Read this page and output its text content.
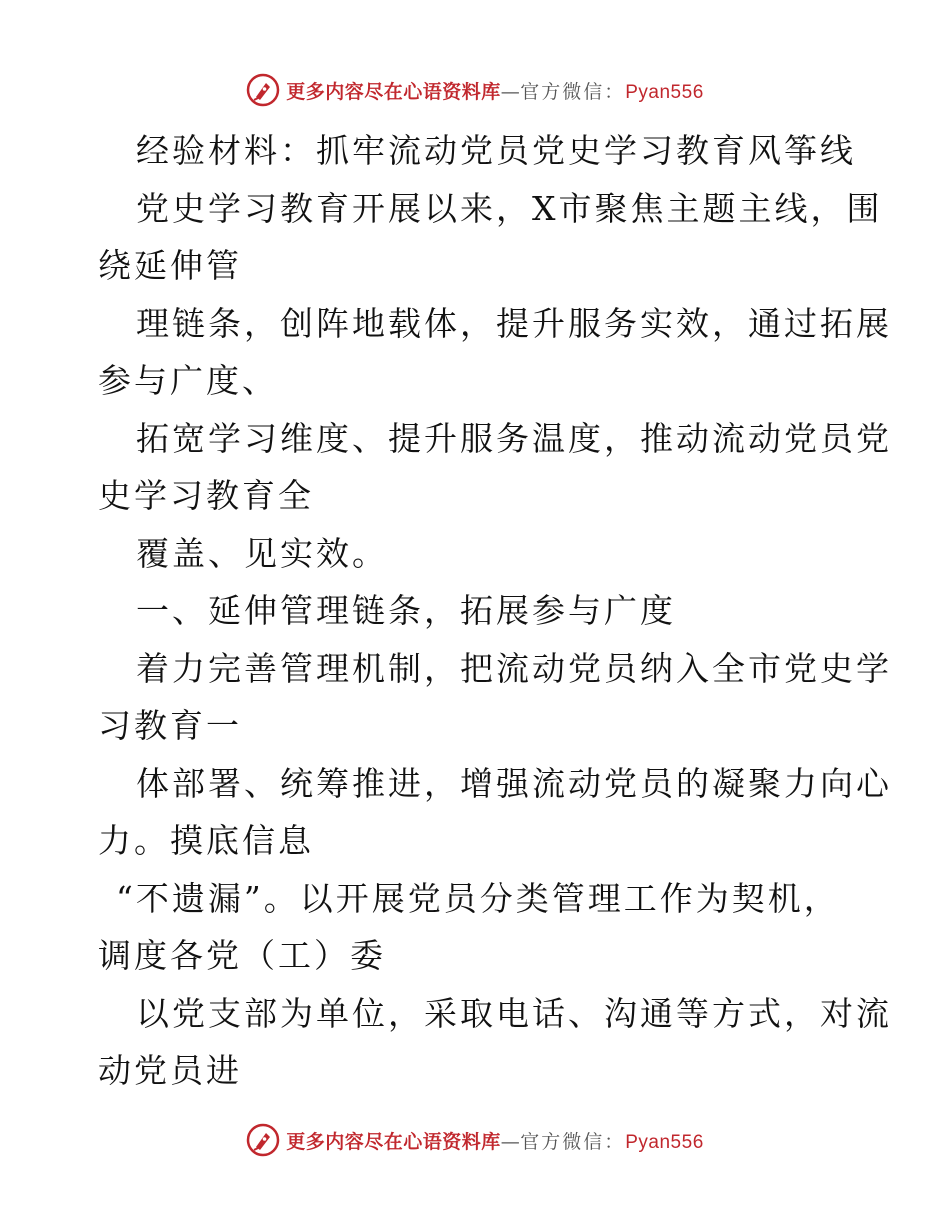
更多内容尽在心语资料库—官方微信：Pyan556
经验材料：抓牢流动党员党史学习教育风筝线
党史学习教育开展以来，X市聚焦主题主线，围
绕延伸管
理链条，创阵地载体，提升服务实效，通过拓展
参与广度、
拓宽学习维度、提升服务温度，推动流动党员党
史学习教育全
覆盖、见实效。
一、延伸管理链条，拓展参与广度
着力完善管理机制，把流动党员纳入全市党史学
习教育一
体部署、统筹推进，增强流动党员的凝聚力向心
力。摸底信息
“不遗漏”。以开展党员分类管理工作为契机，
调度各党（工）委
以党支部为单位，采取电话、沟通等方式，对流
动党员进
更多内容尽在心语资料库—官方微信：Pyan556
